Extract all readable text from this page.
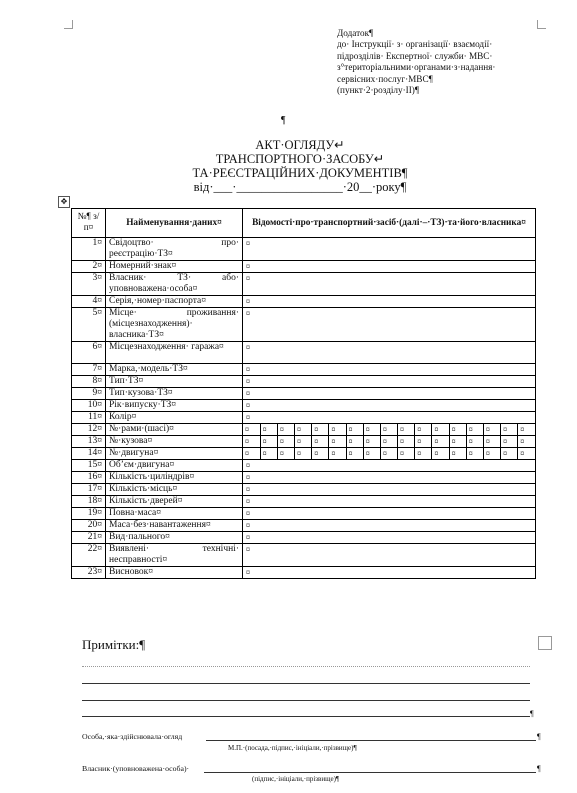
Додаток¶
до· Інструкції· з· організації· взаємодії·
підрозділів· Експертної· служби· МВС·
з°територіальними·органами·з·надання·
сервісних·послуг·МВС¶
(пункт·2·розділу·ІІ)¶
¶
АКТ·ОГЛЯДУ↵
ТРАНСПОРТНОГО·ЗАСОБУ↵
ТА·РЕЄСТРАЦІЙНИХ·ДОКУМЕНТІВ¶
від·___·_________________·20__·року¶
✥
№¶ з/п¤	Найменування·даних¤	Відомості·про·транспортний·засіб·(далі·–·ТЗ)·та·його·власника¤
1¤	Свідоцтво· про· реєстрацію·ТЗ¤	¤
2¤	Номерний·знак¤	¤
3¤	Власник· ТЗ· або· уповноважена·особа¤	¤
4¤	Серія,·номер·паспорта¤	¤
5¤	Місце· проживання· (місцезнаходження)· власника·ТЗ¤	¤
6¤	Місцезнаходження· гаража¤	¤
7¤	Марка,·модель·ТЗ¤	¤
8¤	Тип·ТЗ¤	¤
9¤	Тип·кузова·ТЗ¤	¤
10¤	Рік·випуску·ТЗ¤	¤
11¤	Колір¤	¤
12¤	№·рами·(шасі)¤		¤	¤	¤	¤	¤	¤	¤	¤	¤	¤	¤	¤	¤	¤	¤	¤	¤

13¤	№·кузова¤		¤	¤	¤	¤	¤	¤	¤	¤	¤	¤	¤	¤	¤	¤	¤	¤	¤

14¤	№·двигуна¤		¤	¤	¤	¤	¤	¤	¤	¤	¤	¤	¤	¤	¤	¤	¤	¤	¤

15¤	Об’єм·двигуна¤	¤
16¤	Кількість·циліндрів¤	¤
17¤	Кількість·місць¤	¤
18¤	Кількість·дверей¤	¤
19¤	Повна·маса¤	¤
20¤	Маса·без·навантаження¤	¤
21¤	Вид·пального¤	¤
22¤	Виявлені· технічні· несправності¤	¤
23¤	Висновок¤	¤
Примітки:¶
¶
Особа,·яка·здійснювала·огляд	¶
М.П.·(посада,·підпис,·ініціали,·прізвище)¶
Власник·(уповноважена·особа)·	¶
(підпис,·ініціали,·прізвище)¶
